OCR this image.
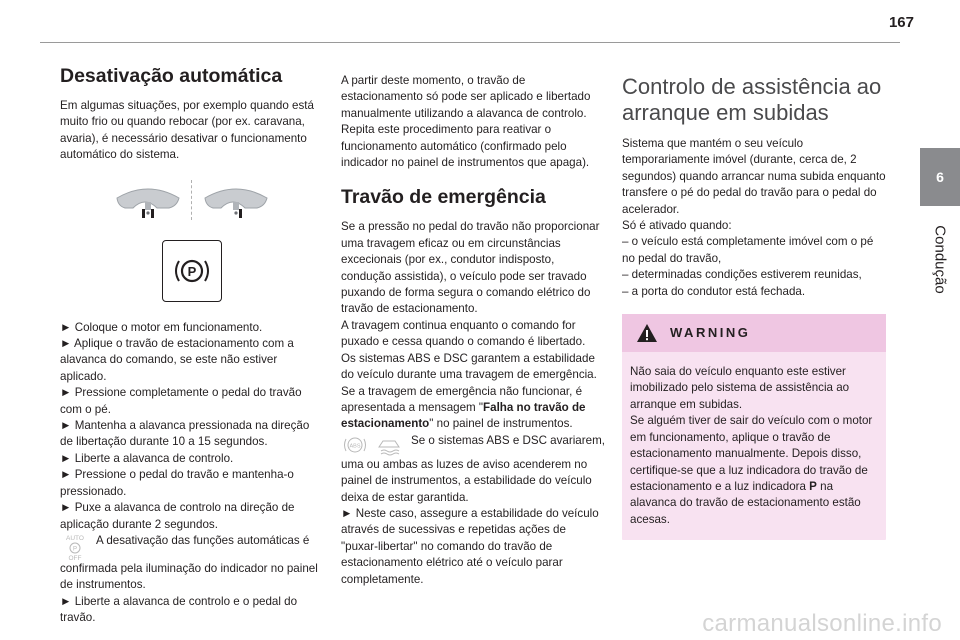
167
6
Condução
Desativação automática

Em algumas situações, por exemplo quando está muito frio ou quando rebocar (por ex. caravana, avaria), é necessário desativar o funcionamento automático do sistema.

P

► Coloque o motor em funcionamento.

► Aplique o travão de estacionamento com a alavanca do comando, se este não estiver aplicado.

► Pressione completamente o pedal do travão com o pé.

► Mantenha a alavanca pressionada na direção de libertação durante 10 a 15 segundos.

► Liberte a alavanca de controlo.

► Pressione o pedal do travão e mantenha-o pressionado.

► Puxe a alavanca de controlo na direção de aplicação durante 2 segundos.

AUTO
P
OFF
A desativação das funções automáticas é confirmada pela iluminação do indicador no painel de instrumentos.

► Liberte a alavanca de controlo e o pedal do travão.

A partir deste momento, o travão de estacionamento só pode ser aplicado e libertado manualmente utilizando a alavanca de controlo. Repita este procedimento para reativar o funcionamento automático (confirmado pelo indicador no painel de instrumentos que apaga).

Travão de emergência

Se a pressão no pedal do travão não proporcionar uma travagem eficaz ou em circunstâncias excecionais (por ex., condutor indisposto, condução assistida), o veículo pode ser travado puxando de forma segura o comando elétrico do travão de estacionamento.

A travagem continua enquanto o comando for puxado e cessa quando o comando é libertado.

Os sistemas ABS e DSC garantem a estabilidade do veículo durante uma travagem de emergência.

Se a travagem de emergência não funcionar, é apresentada a mensagem "Falha no travão de estacionamento" no painel de instrumentos.

ABS	Se o sistemas ABS e DSC avariarem, uma ou ambas as luzes de aviso acenderem no painel de instrumentos, a estabilidade do veículo deixa de estar garantida.

► Neste caso, assegure a estabilidade do veículo através de sucessivas e repetidas ações de "puxar-libertar" no comando do travão de estacionamento elétrico até o veículo parar completamente.

Controlo de assistência ao arranque em subidas

Sistema que mantém o seu veículo temporariamente imóvel (durante, cerca de, 2 segundos) quando arrancar numa subida enquanto transfere o pé do pedal do travão para o pedal do acelerador.

Só é ativado quando:

– o veículo está completamente imóvel com o pé no pedal do travão,

– determinadas condições estiverem reunidas,

– a porta do condutor está fechada.

WARNING

Não saia do veículo enquanto este estiver imobilizado pelo sistema de assistência ao arranque em subidas.

Se alguém tiver de sair do veículo com o motor em funcionamento, aplique o travão de estacionamento manualmente. Depois disso, certifique-se que a luz indicadora do travão de estacionamento e a luz indicadora P na alavanca do travão de estacionamento estão acesas.

carmanualsonline.info
